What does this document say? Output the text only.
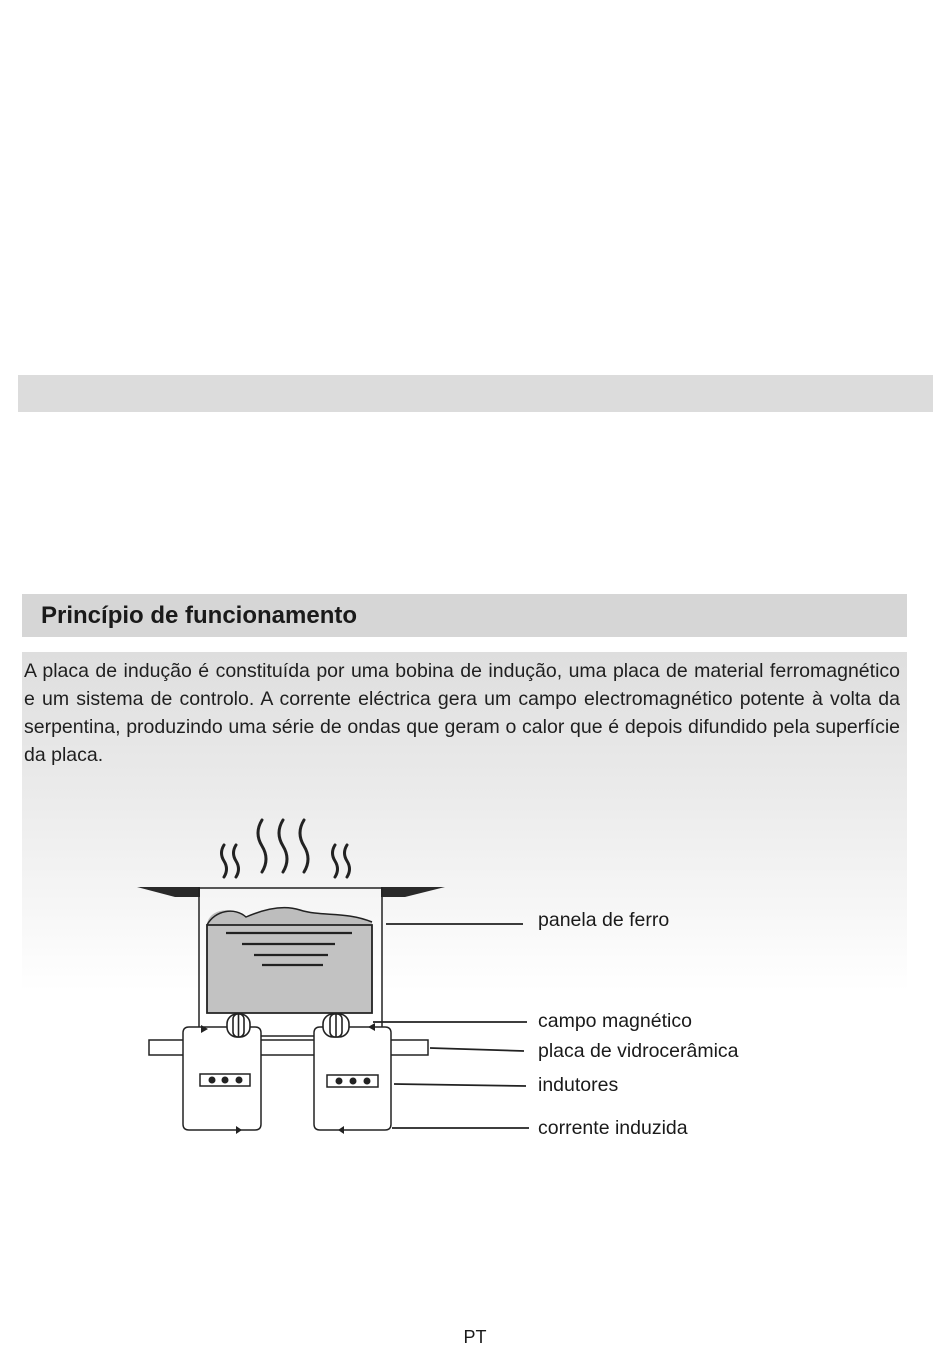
Princípio de funcionamento

A placa de indução é constituída por uma bobina de indução, uma placa de material ferromagnético e um sistema de controlo. A corrente eléctrica gera um campo electromagnético potente à volta da serpentina, produzindo uma série de ondas que geram o calor que é depois difundido pela superfície da placa.

panela de ferro
campo magnético
placa de vidrocerâmica
indutores
corrente induzida
PT
